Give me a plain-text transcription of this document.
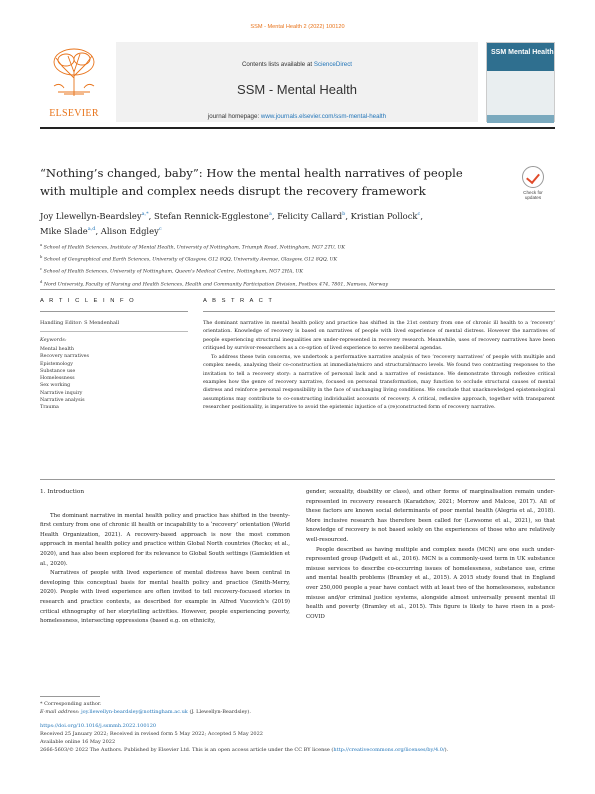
SSM - Mental Health 2 (2022) 100120
ELSEVIER
Contents lists available at ScienceDirect
SSM - Mental Health
journal homepage: www.journals.elsevier.com/ssm-mental-health
SSM Mental Health
“Nothing’s changed, baby”: How the mental health narratives of people
with multiple and complex needs disrupt the recovery framework	Check for
updates
Joy Llewellyn-Beardsley$^{a,*}$, Stefan Rennick-Egglestone$^a$, Felicity Callard$^b$, Kristian Pollock$^c$,
Mike Slade$^{a,d}$, Alison Edgley$^c$
$^a$ School of Health Sciences, Institute of Mental Health, University of Nottingham, Triumph Road, Nottingham, NG7 2TU, UK
$^b$ School of Geographical and Earth Sciences, University of Glasgow, G12 8QQ, University Avenue, Glasgow, G12 8QQ, UK
$^c$ School of Health Sciences, University of Nottingham, Queen's Medical Centre, Nottingham, NG7 2HA, UK
$^d$ Nord University, Faculty of Nursing and Health Sciences, Health and Community Participation Division, Postbox 474, 7801, Namsos, Norway
A R T I C L E I N F O	A B S T R A C T
Handling Editor: S Mendenhall
Keywords:
Mental health
Recovery narratives
Epistemology
Substance use
Homelessness
Sex working
Narrative inquiry
Narrative analysis
Trauma

The dominant narrative in mental health policy and practice has shifted in the 21st century from one of chronic ill health to a ‘recovery’ orientation. Knowledge of recovery is based on narratives of people with lived experience of mental distress. However the narratives of people experiencing structural inequalities are under-represented in recovery research. Meanwhile, uses of recovery narratives have been critiqued by survivor-researchers as a co-option of lived experience to serve neoliberal agendas.

To address these twin concerns, we undertook a performative narrative analysis of two ‘recovery narratives’ of people with multiple and complex needs, analysing their co-construction at immediate/micro and structural/macro levels. We found two contrasting responses to the invitation to tell a recovery story: a narrative of personal lack and a narrative of resistance. We demonstrate through reflexive critical examples how the genre of recovery narrative, focused on personal transformation, may function to occlude structural causes of mental distress and reinforce personal responsibility in the face of unchanging living conditions. We conclude that unacknowledged epistemological assumptions may contribute to co-constructing individualist accounts of recovery. A critical, reflexive approach, together with transparent researcher positionality, is imperative to avoid the epistemic injustice of a (re)constructed form of recovery narrative.

1. Introduction

The dominant narrative in mental health policy and practice has shifted in the twenty-first century from one of chronic ill health or incapability to a ‘recovery’ orientation (World Health Organization, 2021). A recovery-based approach is now the most common approach in mental health policy and practice within Global North countries (Recko; et al., 2020), and has also been explored for its relevance to Global South settings (Gamieldien et al., 2020).

Narratives of people with lived experience of mental distress have been central in developing this conceptual basis for mental health policy and practice (Smith-Merry, 2020). People with lived experience are often invited to tell recovery-focused stories in research and practice contexts, as described for example in Alfred Vucovich's (2019) critical ethnography of her storytelling activities. However, people experiencing poverty, homelessness, intersecting oppressions (based e.g. on ethnicity,

gender, sexuality, disability or class), and other forms of marginalisation remain under-represented in recovery research (Karadzhov, 2021; Morrow and Malcoe, 2017). All of these factors are known social determinants of poor mental health (Alegria et al., 2018). More inclusive research has therefore been called for (Lewsome et al., 2021), so that knowledge of recovery is not based solely on the experiences of those who are relatively well-resourced.

People described as having multiple and complex needs (MCN) are one such under-represented group (Padgett et al., 2016). MCN is a commonly-used term in UK substance misuse services to describe co-occurring issues of homelessness, substance use, crime and mental health problems (Bramley et al., 2015). A 2015 study found that in England over 250,000 people a year have contact with at least two of the homelessness, substance misuse and/or criminal justice systems, alongside almost universally present mental ill health and poverty (Bramley et al., 2015). This figure is likely to have risen in a post-COVID

* Corresponding author.
E-mail address: joy.llewellyn-beardsley@nottingham.ac.uk (J. Llewellyn-Beardsley).
https://doi.org/10.1016/j.ssmmh.2022.100120
Received 25 January 2022; Received in revised form 5 May 2022; Accepted 5 May 2022
Available online 16 May 2022
2666-5603/© 2022 The Authors. Published by Elsevier Ltd. This is an open access article under the CC BY license (http://creativecommons.org/licenses/by/4.0/).
